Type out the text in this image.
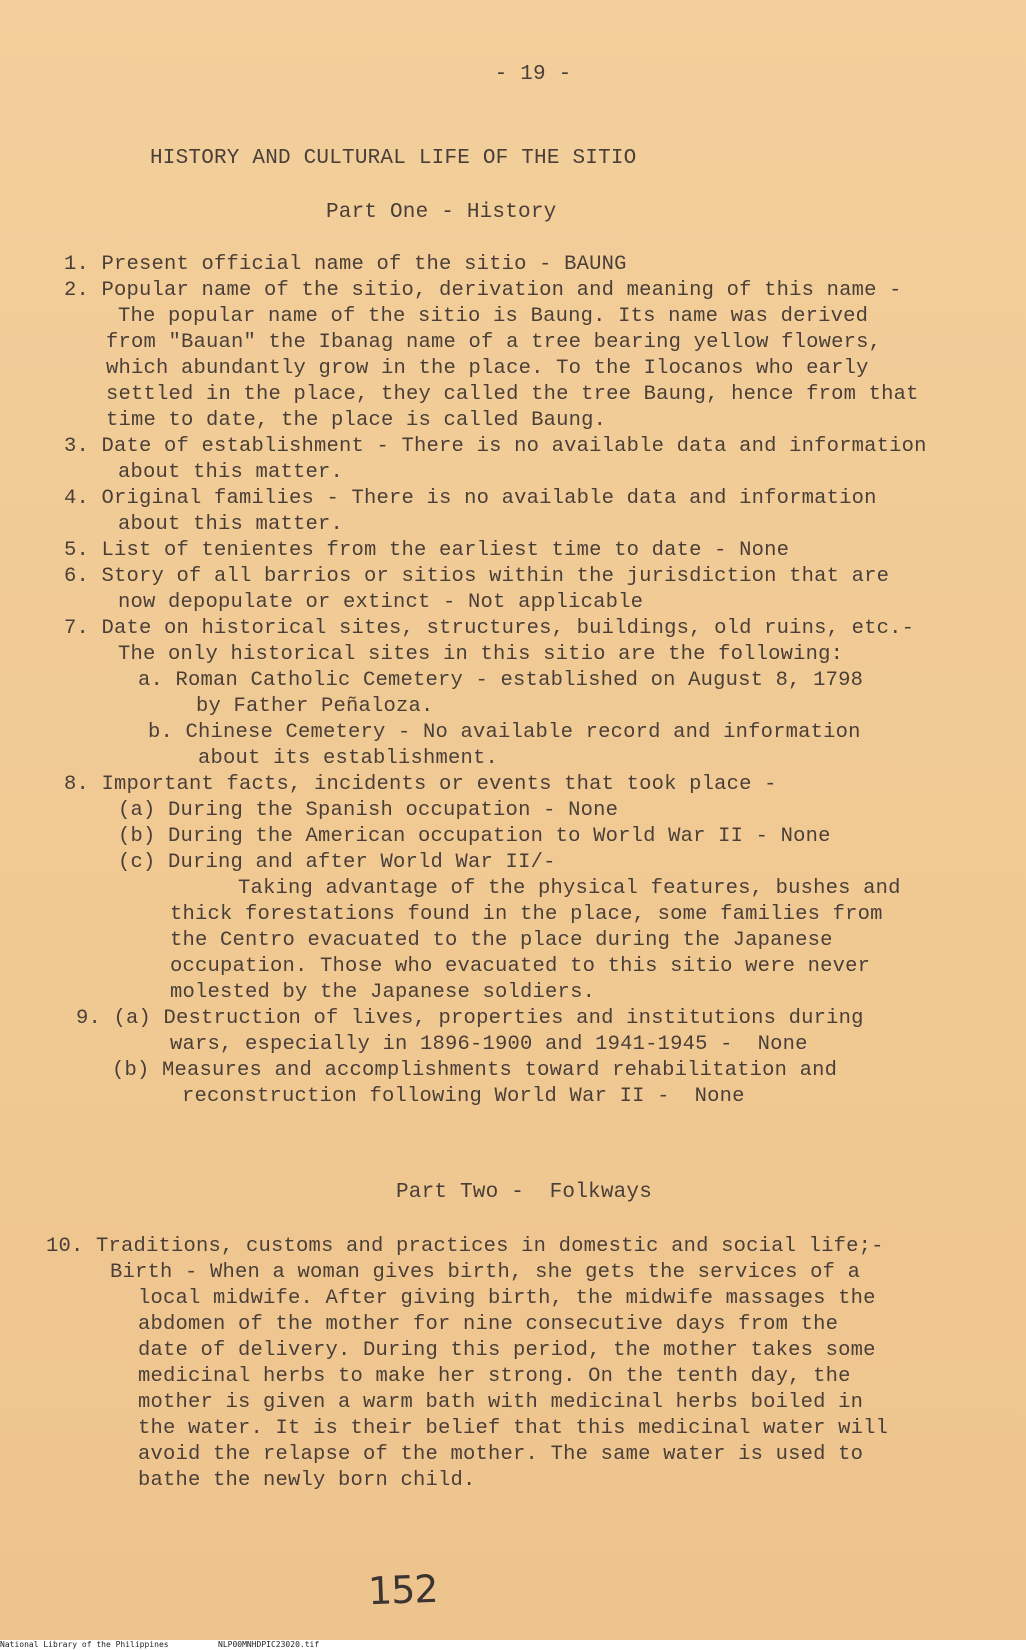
- 19 -
HISTORY AND CULTURAL LIFE OF THE SITIO
Part One - History
1. Present official name of the sitio - BAUNG
2. Popular name of the sitio, derivation and meaning of this name -
The popular name of the sitio is Baung. Its name was derived
from "Bauan" the Ibanag name of a tree bearing yellow flowers,
which abundantly grow in the place. To the Ilocanos who early
settled in the place, they called the tree Baung, hence from that
time to date, the place is called Baung.
3. Date of establishment - There is no available data and information
about this matter.
4. Original families - There is no available data and information
about this matter.
5. List of tenientes from the earliest time to date - None
6. Story of all barrios or sitios within the jurisdiction that are
now depopulate or extinct - Not applicable
7. Date on historical sites, structures, buildings, old ruins, etc.-
The only historical sites in this sitio are the following:
a. Roman Catholic Cemetery - established on August 8, 1798
by Father Peñaloza.
b. Chinese Cemetery - No available record and information
about its establishment.
8. Important facts, incidents or events that took place -
(a) During the Spanish occupation - None
(b) During the American occupation to World War II - None
(c) During and after World War II/-
Taking advantage of the physical features, bushes and
thick forestations found in the place, some families from
the Centro evacuated to the place during the Japanese
occupation. Those who evacuated to this sitio were never
molested by the Japanese soldiers.
9. (a) Destruction of lives, properties and institutions during
wars, especially in 1896-1900 and 1941-1945 -  None
(b) Measures and accomplishments toward rehabilitation and
reconstruction following World War II -  None
Part Two -  Folkways
10. Traditions, customs and practices in domestic and social life;-
Birth - When a woman gives birth, she gets the services of a
local midwife. After giving birth, the midwife massages the
abdomen of the mother for nine consecutive days from the
date of delivery. During this period, the mother takes some
medicinal herbs to make her strong. On the tenth day, the
mother is given a warm bath with medicinal herbs boiled in
the water. It is their belief that this medicinal water will
avoid the relapse of the mother. The same water is used to
bathe the newly born child.
152
National Library of the Philippines	NLP00MNHDPIC23020.tif
